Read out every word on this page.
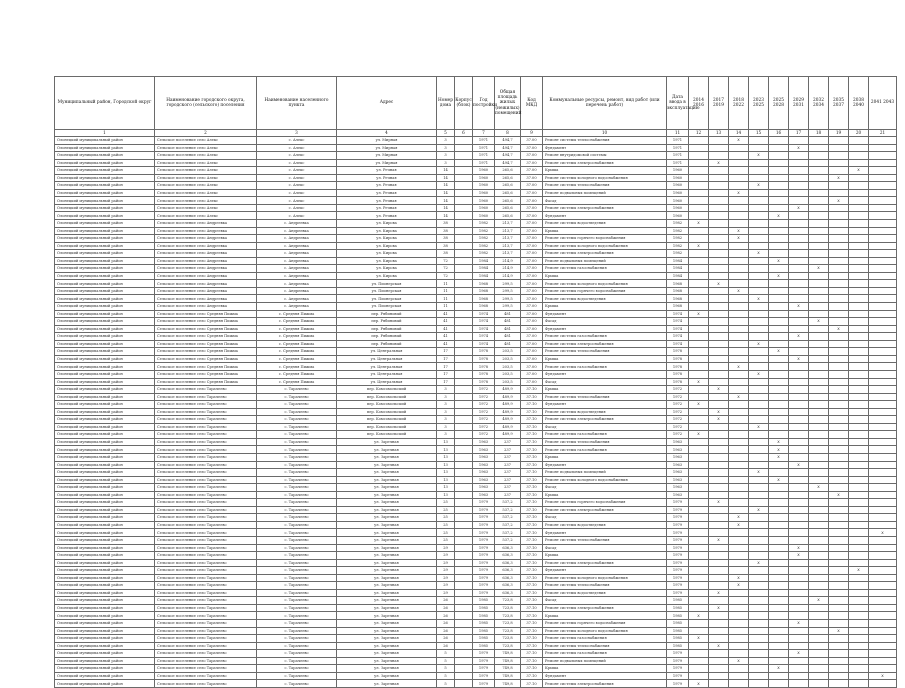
Муниципальный район, Городской округ	Наименование городского округа, городского (сельского) поселения	Наименование населенного пункта	Адрес	Номер дома	Корпус (блок)	Год постройки	Общая площадь жилых (нежилых) помещений	Код МКД	Коммунальные ресурсы, ремонт, вид работ (или перечень работ)	Дата ввода в эксплуатацию	2014 2016	2017 2019	2018 2022	2023 2025	2025 2028	2029 2031	2032 2034	2035 2037	2038 2040	2041 2043
1	2	3	4	5	6	7	8	9	10	11	12	13	14	15	16	17	18	19	20	21
Олонецкий муниципальный район	Сельское поселение село Алекс	с. Алекс	ул. Мирная	3		1971	494,7	37.00	Ремонт системы теплоснабжения	1971			X							
Олонецкий муниципальный район	Сельское поселение село Алекс	с. Алекс	ул. Мирная	3		1971	494,7	37.00	Фундамент	1971						X				
Олонецкий муниципальный район	Сельское поселение село Алекс	с. Алекс	ул. Мирная	3		1971	494,7	37.00	Ремонт внутридомовой системы	1971				X						
Олонецкий муниципальный район	Сельское поселение село Алекс	с. Алекс	ул. Мирная	3		1971	494,7	37.00	Ремонт системы электроснабжения	1971		X								
Олонецкий муниципальный район	Сельское поселение село Алекс	с. Алекс	ул. Речная	14		1960	265,6	37.00	Крыша	1960									X	
Олонецкий муниципальный район	Сельское поселение село Алекс	с. Алекс	ул. Речная	14		1960	265,6	37.00	Ремонт системы холодного водоснабжения	1960								X		
Олонецкий муниципальный район	Сельское поселение село Алекс	с. Алекс	ул. Речная	14		1960	265,6	37.00	Ремонт системы теплоснабжения	1960				X						
Олонецкий муниципальный район	Сельское поселение село Алекс	с. Алекс	ул. Речная	14		1960	265,6	37.00	Ремонт подвальных помещений	1960			X							
Олонецкий муниципальный район	Сельское поселение село Алекс	с. Алекс	ул. Речная	14		1960	265,6	37.00	Фасад	1960								X		
Олонецкий муниципальный район	Сельское поселение село Алекс	с. Алекс	ул. Речная	14		1960	265,6	37.00	Ремонт системы электроснабжения	1960						X				
Олонецкий муниципальный район	Сельское поселение село Алекс	с. Алекс	ул. Речная	14		1960	265,6	37.00	Фундамент	1960					X					
Олонецкий муниципальный район	Сельское поселение село Андреевка	с. Андреевка	ул. Кирова	38		1982	213,7	37.00	Ремонт системы водоотведения	1982	X									
Олонецкий муниципальный район	Сельское поселение село Андреевка	с. Андреевка	ул. Кирова	38		1982	213,7	37.00	Крыша	1982			X							
Олонецкий муниципальный район	Сельское поселение село Андреевка	с. Андреевка	ул. Кирова	38		1982	213,7	37.00	Ремонт системы горячего водоснабжения	1982			X							
Олонецкий муниципальный район	Сельское поселение село Андреевка	с. Андреевка	ул. Кирова	38		1982	213,7	37.00	Ремонт системы холодного водоснабжения	1982	X									
Олонецкий муниципальный район	Сельское поселение село Андреевка	с. Андреевка	ул. Кирова	38		1982	213,7	37.00	Ремонт системы электроснабжения	1982				X						
Олонецкий муниципальный район	Сельское поселение село Андреевка	с. Андреевка	ул. Кирова	72		1984	214,9	37.00	Ремонт подвальных помещений	1984					X					
Олонецкий муниципальный район	Сельское поселение село Андреевка	с. Андреевка	ул. Кирова	72		1984	214,9	37.00	Ремонт системы газоснабжения	1984							X			
Олонецкий муниципальный район	Сельское поселение село Андреевка	с. Андреевка	ул. Кирова	72		1984	214,9	37.00	Крыша	1984					X					
Олонецкий муниципальный район	Сельское поселение село Андреевка	с. Андреевка	ул. Пионерская	11		1968	299,5	37.00	Ремонт системы холодного водоснабжения	1968		X								
Олонецкий муниципальный район	Сельское поселение село Андреевка	с. Андреевка	ул. Пионерская	11		1968	299,5	37.00	Ремонт системы горячего водоснабжения	1968			X							
Олонецкий муниципальный район	Сельское поселение село Андреевка	с. Андреевка	ул. Пионерская	11		1968	299,5	37.00	Ремонт системы водоотведения	1968				X						
Олонецкий муниципальный район	Сельское поселение село Андреевка	с. Андреевка	ул. Пионерская	11		1968	299,5	37.00	Крыша	1968						X				
Олонецкий муниципальный район	Сельское поселение село Средняя Пижма	с. Средняя Пижма	пер. Рябиновый	41		1974	481	37.00	Фундамент	1974	X									
Олонецкий муниципальный район	Сельское поселение село Средняя Пижма	с. Средняя Пижма	пер. Рябиновый	41		1974	481	37.00	Фасад	1974							X			
Олонецкий муниципальный район	Сельское поселение село Средняя Пижма	с. Средняя Пижма	пер. Рябиновый	41		1974	481	37.00	Фундамент	1974								X		
Олонецкий муниципальный район	Сельское поселение село Средняя Пижма	с. Средняя Пижма	пер. Рябиновый	41		1974	481	37.00	Ремонт системы газоснабжения	1974						X				
Олонецкий муниципальный район	Сельское поселение село Средняя Пижма	с. Средняя Пижма	пер. Рябиновый	41		1974	481	37.00	Ремонт системы электроснабжения	1974				X						
Олонецкий муниципальный район	Сельское поселение село Средняя Пижма	с. Средняя Пижма	ул. Центральная	17		1978	203,5	37.00	Ремонт системы теплоснабжения	1978					X					
Олонецкий муниципальный район	Сельское поселение село Средняя Пижма	с. Средняя Пижма	ул. Центральная	17		1978	203,5	37.00	Крыша	1978						X				
Олонецкий муниципальный район	Сельское поселение село Средняя Пижма	с. Средняя Пижма	ул. Центральная	17		1978	203,5	37.00	Ремонт системы газоснабжения	1978			X							
Олонецкий муниципальный район	Сельское поселение село Средняя Пижма	с. Средняя Пижма	ул. Центральная	17		1978	203,5	37.00	Фундамент	1978				X						
Олонецкий муниципальный район	Сельское поселение село Средняя Пижма	с. Средняя Пижма	ул. Центральная	17		1978	203,5	37.00	Фасад	1978	X									
Олонецкий муниципальный район	Сельское поселение село Тарачеево	с. Тарачеево	пер. Комсомольский	3		1972	489,9	37.10	Крыша	1972		X								
Олонецкий муниципальный район	Сельское поселение село Тарачеево	с. Тарачеево	пер. Комсомольский	3		1972	489,9	37.10	Ремонт системы теплоснабжения	1972			X							
Олонецкий муниципальный район	Сельское поселение село Тарачеево	с. Тарачеево	пер. Комсомольский	3		1972	489,9	37.10	Фундамент	1972	X									
Олонецкий муниципальный район	Сельское поселение село Тарачеево	с. Тарачеево	пер. Комсомольский	3		1972	489,9	37.10	Ремонт системы водоотведения	1972		X								
Олонецкий муниципальный район	Сельское поселение село Тарачеево	с. Тарачеево	пер. Комсомольский	3		1972	489,9	37.10	Ремонт системы электроснабжения	1972		X								
Олонецкий муниципальный район	Сельское поселение село Тарачеево	с. Тарачеево	пер. Комсомольский	3		1972	489,9	37.10	Фасад	1972				X						
Олонецкий муниципальный район	Сельское поселение село Тарачеево	с. Тарачеево	пер. Комсомольский	3		1972	489,9	37.10	Ремонт системы газоснабжения	1972	X									
Олонецкий муниципальный район	Сельское поселение село Тарачеево	с. Тарачеево	ул. Заречная	13		1963	237	37.10	Ремонт системы теплоснабжения	1963					X					
Олонецкий муниципальный район	Сельское поселение село Тарачеево	с. Тарачеево	ул. Заречная	13		1963	237	37.10	Ремонт системы газоснабжения	1963					X					
Олонецкий муниципальный район	Сельское поселение село Тарачеево	с. Тарачеево	ул. Заречная	13		1963	237	37.10	Крыша	1963					X					
Олонецкий муниципальный район	Сельское поселение село Тарачеево	с. Тарачеево	ул. Заречная	13		1963	237	37.10	Фундамент	1963						X				
Олонецкий муниципальный район	Сельское поселение село Тарачеево	с. Тарачеево	ул. Заречная	13		1963	237	37.10	Ремонт подвальных помещений	1963				X						
Олонецкий муниципальный район	Сельское поселение село Тарачеево	с. Тарачеево	ул. Заречная	13		1963	237	37.10	Ремонт системы холодного водоснабжения	1963					X					
Олонецкий муниципальный район	Сельское поселение село Тарачеево	с. Тарачеево	ул. Заречная	13		1963	237	37.10	Фасад	1963							X			
Олонецкий муниципальный район	Сельское поселение село Тарачеево	с. Тарачеево	ул. Заречная	13		1963	237	37.10	Крыша	1963								X		
Олонецкий муниципальный район	Сельское поселение село Тарачеево	с. Тарачеево	ул. Заречная	25		1979	537,2	37.10	Ремонт системы горячего водоснабжения	1979		X								
Олонецкий муниципальный район	Сельское поселение село Тарачеево	с. Тарачеево	ул. Заречная	25		1979	537,2	37.10	Ремонт системы электроснабжения	1979				X						
Олонецкий муниципальный район	Сельское поселение село Тарачеево	с. Тарачеево	ул. Заречная	25		1979	537,2	37.10	Фасад	1979			X							
Олонецкий муниципальный район	Сельское поселение село Тарачеево	с. Тарачеево	ул. Заречная	25		1979	537,2	37.10	Ремонт системы водоотведения	1979			X							
Олонецкий муниципальный район	Сельское поселение село Тарачеево	с. Тарачеево	ул. Заречная	25		1979	537,2	37.10	Фундамент	1979										X
Олонецкий муниципальный район	Сельское поселение село Тарачеево	с. Тарачеево	ул. Заречная	25		1979	537,2	37.10	Ремонт системы теплоснабжения	1979		X								
Олонецкий муниципальный район	Сельское поселение село Тарачеево	с. Тарачеево	ул. Заречная	29		1979	636,3	37.10	Фасад	1979						X				
Олонецкий муниципальный район	Сельское поселение село Тарачеево	с. Тарачеево	ул. Заречная	29		1979	636,3	37.10	Крыша	1979						X				
Олонецкий муниципальный район	Сельское поселение село Тарачеево	с. Тарачеево	ул. Заречная	29		1979	636,3	37.10	Ремонт системы электроснабжения	1979				X						
Олонецкий муниципальный район	Сельское поселение село Тарачеево	с. Тарачеево	ул. Заречная	29		1979	636,3	37.10	Фундамент	1979									X	
Олонецкий муниципальный район	Сельское поселение село Тарачеево	с. Тарачеево	ул. Заречная	29		1979	636,3	37.10	Ремонт системы холодного водоснабжения	1979			X							
Олонецкий муниципальный район	Сельское поселение село Тарачеево	с. Тарачеево	ул. Заречная	29		1979	636,3	37.10	Ремонт системы теплоснабжения	1979			X							
Олонецкий муниципальный район	Сельское поселение село Тарачеево	с. Тарачеево	ул. Заречная	29		1979	636,3	37.10	Ремонт системы водоотведения	1979		X								
Олонецкий муниципальный район	Сельское поселение село Тарачеево	с. Тарачеево	ул. Заречная	26		1985	723,8	37.10	Фасад	1985							X			
Олонецкий муниципальный район	Сельское поселение село Тарачеево	с. Тарачеево	ул. Заречная	26		1985	723,8	37.10	Ремонт системы электроснабжения	1985		X								
Олонецкий муниципальный район	Сельское поселение село Тарачеево	с. Тарачеево	ул. Заречная	26		1985	723,8	37.10	Крыша	1985	X									
Олонецкий муниципальный район	Сельское поселение село Тарачеево	с. Тарачеево	ул. Заречная	26		1985	723,8	37.10	Ремонт системы горячего водоснабжения	1985						X				
Олонецкий муниципальный район	Сельское поселение село Тарачеево	с. Тарачеево	ул. Заречная	26		1985	723,8	37.10	Ремонт системы холодного водоснабжения	1985								X		
Олонецкий муниципальный район	Сельское поселение село Тарачеево	с. Тарачеево	ул. Заречная	26		1985	723,8	37.10	Ремонт системы газоснабжения	1985	X									
Олонецкий муниципальный район	Сельское поселение село Тарачеево	с. Тарачеево	ул. Заречная	26		1985	723,8	37.10	Ремонт системы теплоснабжения	1985		X								
Олонецкий муниципальный район	Сельское поселение село Тарачеево	с. Тарачеево	ул. Заречная	5		1979	749,8	37.10	Ремонт системы газоснабжения	1979						X				
Олонецкий муниципальный район	Сельское поселение село Тарачеево	с. Тарачеево	ул. Заречная	5		1979	749,8	37.10	Ремонт подвальных помещений	1979			X							
Олонецкий муниципальный район	Сельское поселение село Тарачеево	с. Тарачеево	ул. Заречная	5		1979	749,8	37.10	Крыша	1979					X					
Олонецкий муниципальный район	Сельское поселение село Тарачеево	с. Тарачеево	ул. Заречная	5		1979	749,8	37.10	Фундамент	1979										X
Олонецкий муниципальный район	Сельское поселение село Тарачеево	с. Тарачеево	ул. Заречная	5		1979	749,8	37.10	Ремонт системы электроснабжения	1979	X									
